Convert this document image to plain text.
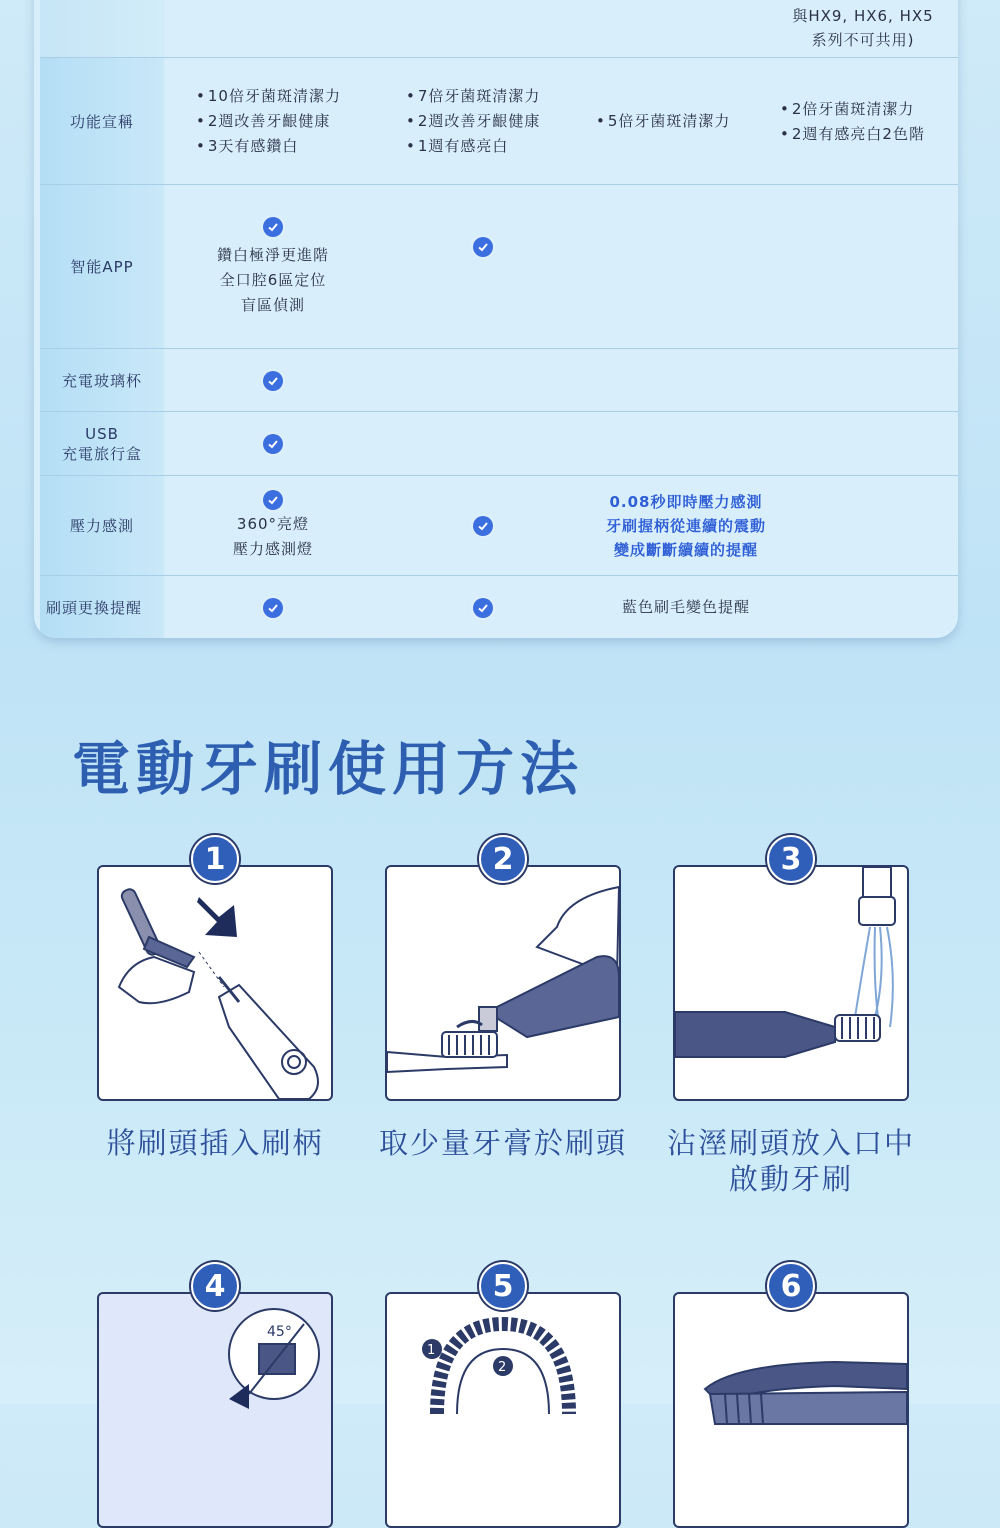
與HX9, HX6, HX5
系列不可共用)
功能宣稱
• 10倍牙菌斑清潔力
• 2週改善牙齦健康
• 3天有感鑽白
• 7倍牙菌斑清潔力
• 2週改善牙齦健康
• 1週有感亮白
• 5倍牙菌斑清潔力
• 2倍牙菌斑清潔力
• 2週有感亮白2色階
智能APP
鑽白極淨更進階
全口腔6區定位
盲區偵測
充電玻璃杯
USB
充電旅行盒
壓力感測	360°亮燈
壓力感測燈
0.08秒即時壓力感測
牙刷握柄從連續的震動
變成斷斷續續的提醒
刷頭更換提醒	藍色刷毛變色提醒
電動牙刷使用方法
1
將刷頭插入刷柄
2
取少量牙膏於刷頭
3
沾溼刷頭放入口中
啟動牙刷
4
45°
5
1
2
6
